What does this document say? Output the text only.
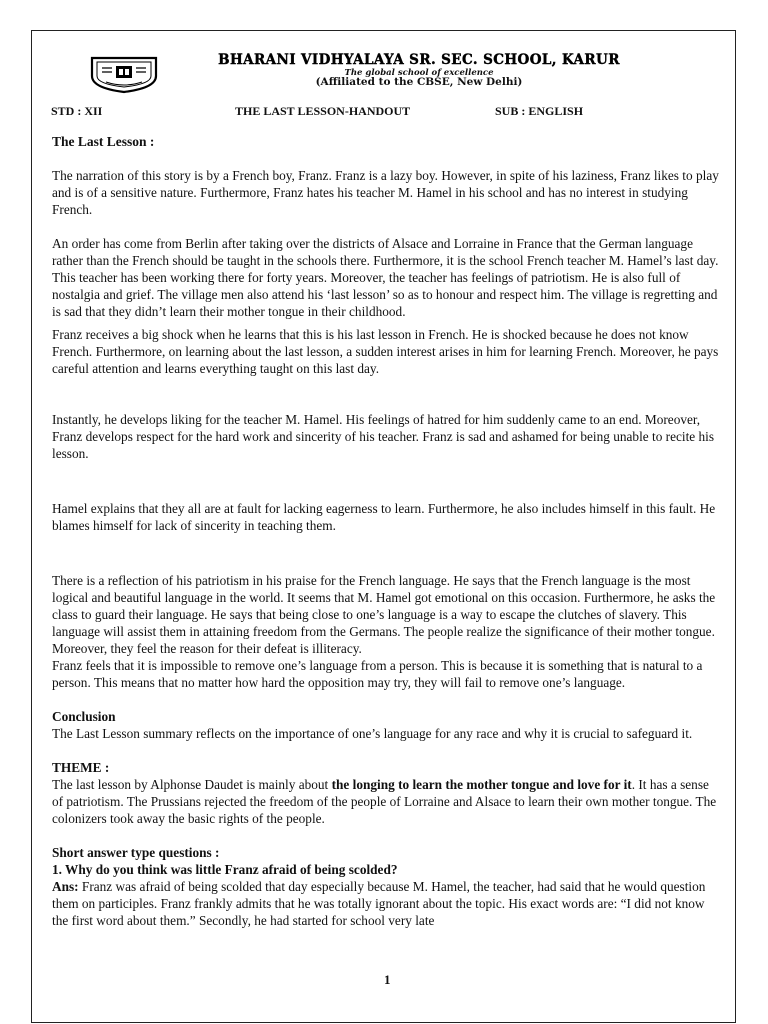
BHARANI VIDHYALAYA SR. SEC. SCHOOL, KARUR
The global school of excellence
(Affiliated to the CBSE, New Delhi)
STD : XII	THE LAST LESSON-HANDOUT	SUB : ENGLISH

The Last Lesson :

The narration of this story is by a French boy, Franz. Franz is a lazy boy. However, in spite of his laziness, Franz likes to play and is of a sensitive nature. Furthermore, Franz hates his teacher M. Hamel in his school and has no interest in studying French.

An order has come from Berlin after taking over the districts of Alsace and Lorraine in France that the German language rather than the French should be taught in the schools there. Furthermore, it is the school French teacher M. Hamel’s last day. This teacher has been working there for forty years. Moreover, the teacher has feelings of patriotism. He is also full of nostalgia and grief. The village men also attend his ‘last lesson’ so as to honour and respect him. The village is regretting and is sad that they didn’t learn their mother tongue in their childhood.

Franz receives a big shock when he learns that this is his last lesson in French. He is shocked because he does not know French. Furthermore, on learning about the last lesson, a sudden interest arises in him for learning French. Moreover, he pays careful attention and learns everything taught on this last day.

Instantly, he develops liking for the teacher M. Hamel. His feelings of hatred for him suddenly came to an end. Moreover, Franz develops respect for the hard work and sincerity of his teacher. Franz is sad and ashamed for being unable to recite his lesson.

Hamel explains that they all are at fault for lacking eagerness to learn. Furthermore, he also includes himself in this fault. He blames himself for lack of sincerity in teaching them.

There is a reflection of his patriotism in his praise for the French language. He says that the French language is the most logical and beautiful language in the world. It seems that M. Hamel got emotional on this occasion. Furthermore, he asks the class to guard their language. He says that being close to one’s language is a way to escape the clutches of slavery. This language will assist them in attaining freedom from the Germans. The people realize the significance of their mother tongue. Moreover, they feel the reason for their defeat is illiteracy.

Franz feels that it is impossible to remove one’s language from a person. This is because it is something that is natural to a person. This means that no matter how hard the opposition may try, they will fail to remove one’s language.

Conclusion

The Last Lesson summary reflects on the importance of one’s language for any race and why it is crucial to safeguard it.

THEME :

The last lesson by Alphonse Daudet is mainly about the longing to learn the mother tongue and love for it. It has a sense of patriotism. The Prussians rejected the freedom of the people of Lorraine and Alsace to learn their own mother tongue. The colonizers took away the basic rights of the people.

Short answer type questions :

1. Why do you think was little Franz afraid of being scolded?

Ans: Franz was afraid of being scolded that day especially because M. Hamel, the teacher, had said that he would question them on participles. Franz frankly admits that he was totally ignorant about the topic. His exact words are: “I did not know the first word about them.” Secondly, he had started for school very late

1
